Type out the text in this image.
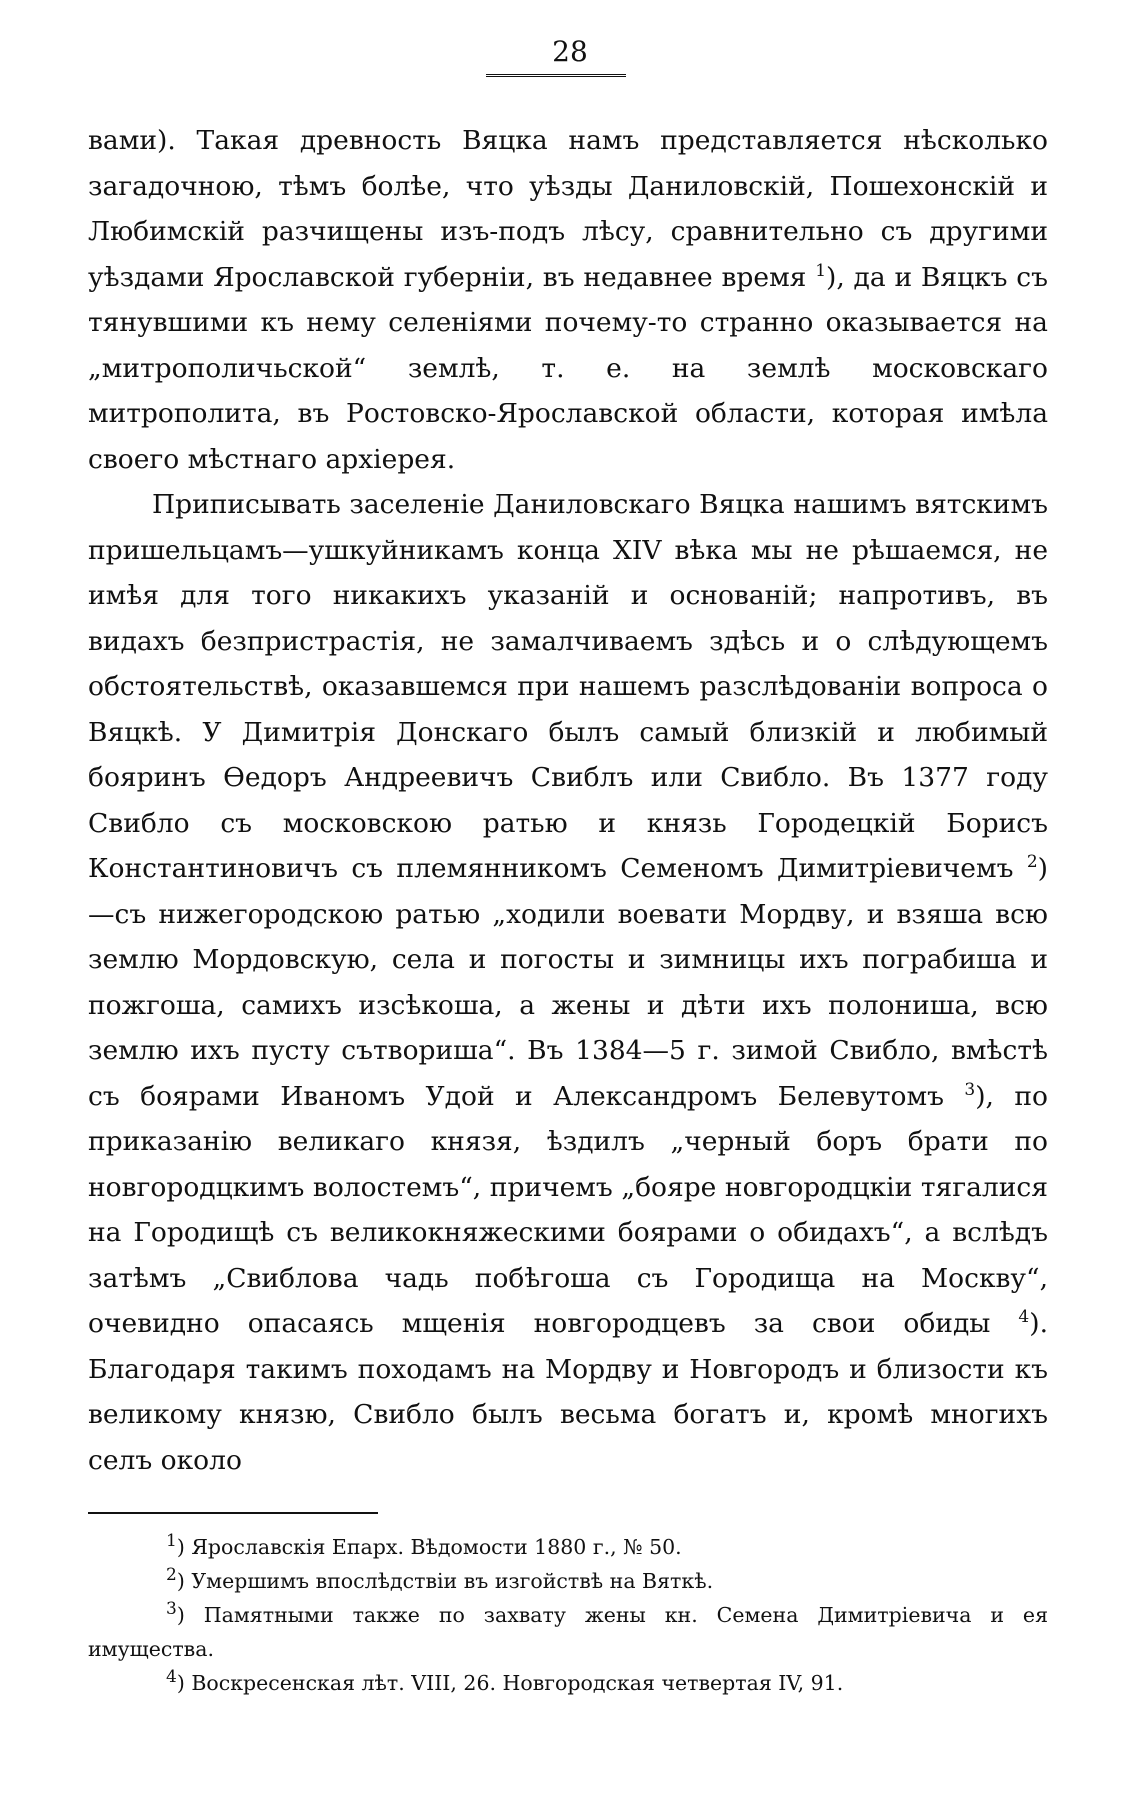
28

вами). Такая древность Вяцка намъ представляется нѣсколько загадочною, тѣмъ болѣе, что уѣзды Даниловскій, Пошехонскій и Любимскій разчищены изъ-подъ лѣсу, сравнительно съ другими уѣздами Ярославской губерніи, въ недавнее время $^1$), да и Вяцкъ съ тянувшими къ нему селеніями почему-то странно оказывается на „митрополичьской“ землѣ, т. е. на землѣ московскаго митрополита, въ Ростовско-Ярославской области, которая имѣла своего мѣстнаго архіерея.

Приписывать заселеніе Даниловскаго Вяцка нашимъ вятскимъ пришельцамъ—ушкуйникамъ конца XIV вѣка мы не рѣшаемся, не имѣя для того никакихъ указаній и основаній; напротивъ, въ видахъ безпристрастія, не замалчиваемъ здѣсь и о слѣдующемъ обстоятельствѣ, оказавшемся при нашемъ разслѣдованіи вопроса о Вяцкѣ. У Димитрія Донскаго былъ самый близкій и любимый бояринъ Ѳедоръ Андреевичъ Свиблъ или Свибло. Въ 1377 году Свибло съ московскою ратью и князь Городецкій Борисъ Константиновичъ съ племянникомъ Семеномъ Димитріевичемъ $^2$)—съ нижегородскою ратью „ходили воевати Мордву, и взяша всю землю Мордовскую, села и погосты и зимницы ихъ пограбиша и пожгоша, самихъ изсѣкоша, а жены и дѣти ихъ полониша, всю землю ихъ пусту сътвориша“. Въ 1384—5 г. зимой Свибло, вмѣстѣ съ боярами Иваномъ Удой и Александромъ Белевутомъ $^3$), по приказанію великаго князя, ѣздилъ „черный боръ брати по новгородцкимъ волостемъ“, причемъ „бояре новгородцкіи тягалися на Городищѣ съ великокняжескими боярами о обидахъ“, а вслѣдъ затѣмъ „Свиблова чадь побѣгоша съ Городища на Москву“, очевидно опасаясь мщенія новгородцевъ за свои обиды $^4$). Благодаря такимъ походамъ на Мордву и Новгородъ и близости къ великому князю, Свибло былъ весьма богатъ и, кромѣ многихъ селъ около

$^1$) Ярославскія Епарх. Вѣдомости 1880 г., № 50.

$^2$) Умершимъ впослѣдствіи въ изгойствѣ на Вяткѣ.

$^3$) Памятными также по захвату жены кн. Семена Димитріевича и ея имущества.

$^4$) Воскресенская лѣт. VIII, 26. Новгородская четвертая IV, 91.
